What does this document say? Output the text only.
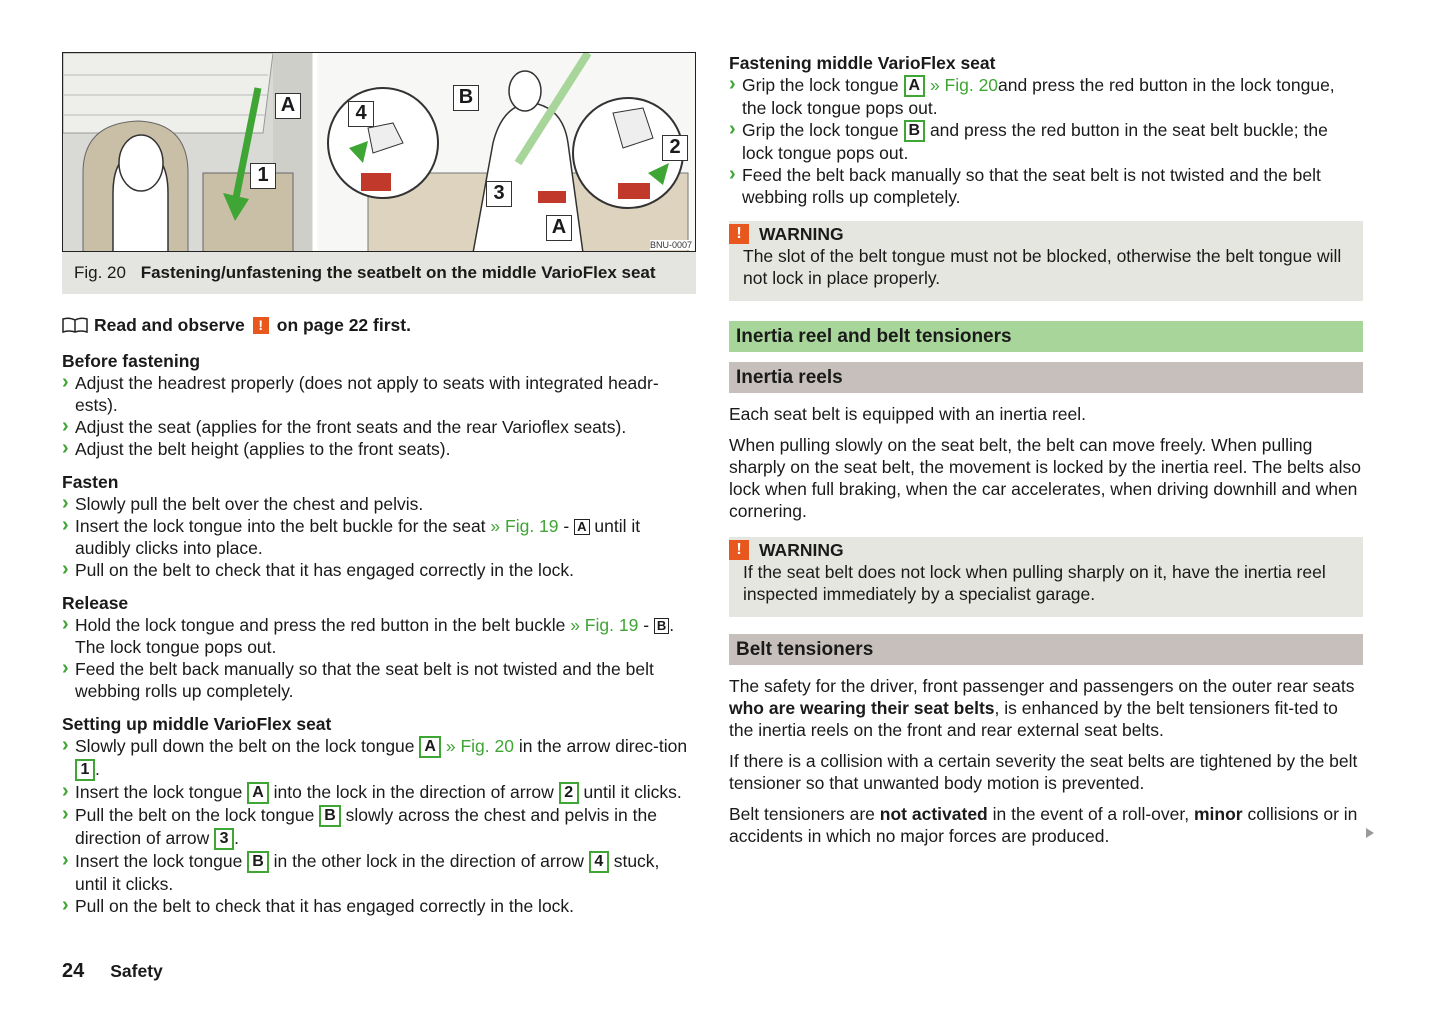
A
1
4
B
3
A
2
BNU-0007
Fig. 20 Fastening/unfastening the seatbelt on the middle VarioFlex seat
Read and observe ! on page 22 first.
Before fastening
› Adjust the headrest properly (does not apply to seats with integrated headr-ests).
› Adjust the seat (applies for the front seats and the rear Varioflex seats).
› Adjust the belt height (applies to the front seats).
Fasten
› Slowly pull the belt over the chest and pelvis.
› Insert the lock tongue into the belt buckle for the seat » Fig. 19 - A until it audibly clicks into place.
› Pull on the belt to check that it has engaged correctly in the lock.
Release
› Hold the lock tongue and press the red button in the belt buckle » Fig. 19 - B . The lock tongue pops out.
› Feed the belt back manually so that the seat belt is not twisted and the belt webbing rolls up completely.
Setting up middle VarioFlex seat
› Slowly pull down the belt on the lock tongue A » Fig. 20 in the arrow direc-tion 1 .
› Insert the lock tongue A into the lock in the direction of arrow 2 until it clicks.
› Pull the belt on the lock tongue B slowly across the chest and pelvis in the direction of arrow 3 .
› Insert the lock tongue B in the other lock in the direction of arrow 4 stuck, until it clicks.
› Pull on the belt to check that it has engaged correctly in the lock.
Fastening middle VarioFlex seat
› Grip the lock tongue A » Fig. 20and press the red button in the lock tongue, the lock tongue pops out.
› Grip the lock tongue B and press the red button in the seat belt buckle; the lock tongue pops out.
› Feed the belt back manually so that the seat belt is not twisted and the belt webbing rolls up completely.
! WARNING

The slot of the belt tongue must not be blocked, otherwise the belt tongue will not lock in place properly.

Inertia reel and belt tensioners
Inertia reels

Each seat belt is equipped with an inertia reel.

When pulling slowly on the seat belt, the belt can move freely. When pulling sharply on the seat belt, the movement is locked by the inertia reel. The belts also lock when full braking, when the car accelerates, when driving downhill and when cornering.

! WARNING

If the seat belt does not lock when pulling sharply on it, have the inertia reel inspected immediately by a specialist garage.

Belt tensioners

The safety for the driver, front passenger and passengers on the outer rear seats who are wearing their seat belts, is enhanced by the belt tensioners fit-ted to the inertia reels on the front and rear external seat belts.

If there is a collision with a certain severity the seat belts are tightened by the belt tensioner so that unwanted body motion is prevented.

Belt tensioners are not activated in the event of a roll-over, minor collisions or in accidents in which no major forces are produced.

24 Safety
